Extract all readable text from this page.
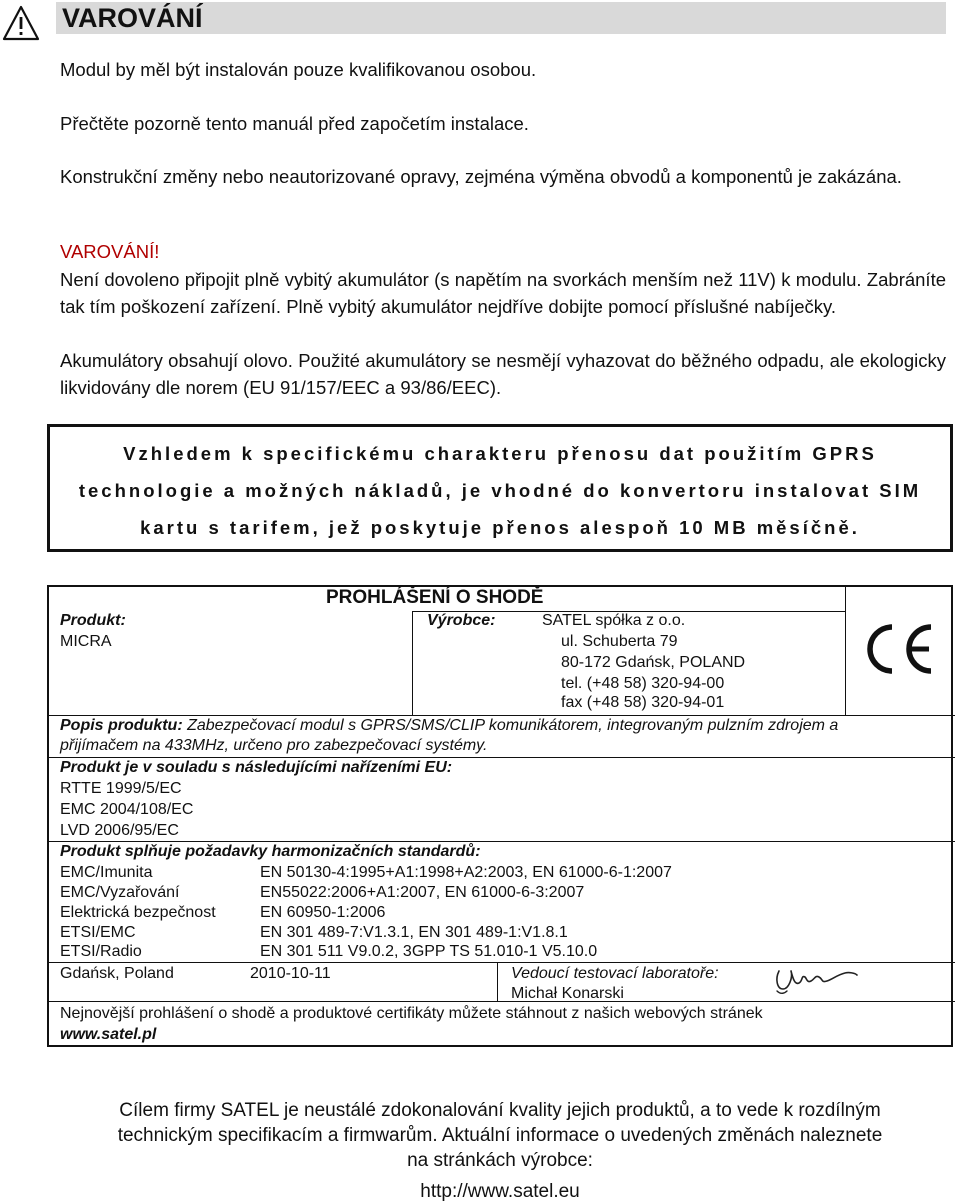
VAROVÁNÍ

Modul by měl být instalován pouze kvalifikovanou osobou.

Přečtěte pozorně tento manuál před započetím instalace.

Konstrukční změny nebo neautorizované opravy, zejména výměna obvodů a komponentů je zakázána.

VAROVÁNÍ!

Není dovoleno připojit plně vybitý akumulátor (s napětím na svorkách menším než 11V) k modulu. Zabráníte tak tím poškození zařízení. Plně vybitý akumulátor nejdříve dobijte pomocí příslušné nabíječky.

Akumulátory obsahují olovo. Použité akumulátory se nesmějí vyhazovat do běžného odpadu, ale ekologicky likvidovány dle norem (EU 91/157/EEC a 93/86/EEC).

Vzhledem k specifickému charakteru přenosu dat použitím GPRS
technologie a možných nákladů, je vhodné do konvertoru instalovat SIM
kartu s tarifem, jež poskytuje přenos alespoň 10 MB měsíčně.
PROHLÁŠENÍ O SHODĚ
Produkt:
MICRA
Výrobce:	SATEL spółka z o.o.
ul. Schuberta 79
80-172 Gdańsk, POLAND
tel. (+48 58) 320-94-00
fax (+48 58) 320-94-01
Popis produktu: Zabezpečovací modul s GPRS/SMS/CLIP komunikátorem, integrovaným pulzním zdrojem a
přijímačem na 433MHz, určeno pro zabezpečovací systémy.
Produkt je v souladu s následujícími nařízeními EU:
RTTE 1999/5/EC
EMC 2004/108/EC
LVD 2006/95/EC
Produkt splňuje požadavky harmonizačních standardů:
EMC/Imunita	EN 50130-4:1995+A1:1998+A2:2003, EN 61000-6-1:2007
EMC/Vyzařování	EN55022:2006+A1:2007, EN 61000-6-3:2007
Elektrická bezpečnost	EN 60950-1:2006
ETSI/EMC	EN 301 489-7:V1.3.1, EN 301 489-1:V1.8.1
ETSI/Radio	EN 301 511 V9.0.2, 3GPP TS 51.010-1 V5.10.0
Gdańsk, Poland	2010-10-11	Vedoucí testovací laboratoře:
Michał Konarski
Nejnovější prohlášení o shodě a produktové certifikáty můžete stáhnout z našich webových stránek
www.satel.pl
Cílem firmy SATEL je neustálé zdokonalování kvality jejich produktů, a to vede k rozdílným
technickým specifikacím a firmwarům. Aktuální informace o uvedených změnách naleznete
na stránkách výrobce:
http://www.satel.eu
